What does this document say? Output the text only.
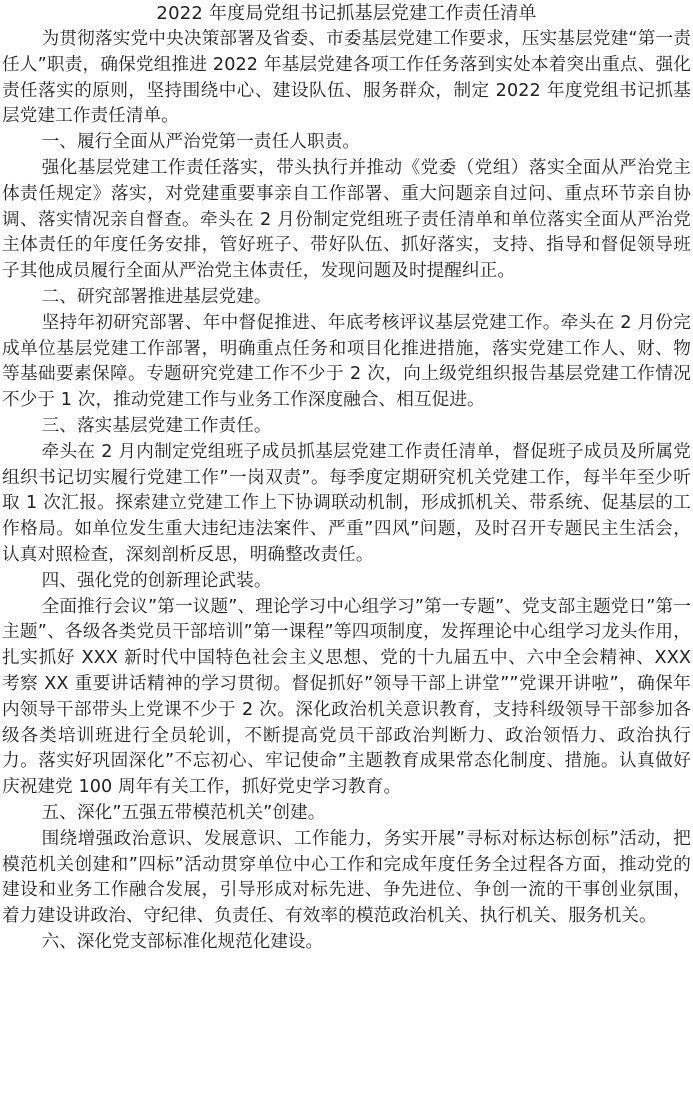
2022 年度局党组书记抓基层党建工作责任清单

为贯彻落实党中央决策部署及省委、市委基层党建工作要求，压实基层党建“第一责任人”职责，确保党组推进 2022 年基层党建各项工作任务落到实处本着突出重点、强化责任落实的原则，坚持围绕中心、建设队伍、服务群众，制定 2022 年度党组书记抓基层党建工作责任清单。

一、履行全面从严治党第一责任人职责。

强化基层党建工作责任落实，带头执行并推动《党委（党组）落实全面从严治党主体责任规定》落实，对党建重要事亲自工作部署、重大问题亲自过问、重点环节亲自协调、落实情况亲自督查。牵头在 2 月份制定党组班子责任清单和单位落实全面从严治党主体责任的年度任务安排，管好班子、带好队伍、抓好落实，支持、指导和督促领导班子其他成员履行全面从严治党主体责任，发现问题及时提醒纠正。

二、研究部署推进基层党建。

坚持年初研究部署、年中督促推进、年底考核评议基层党建工作。牵头在 2 月份完成单位基层党建工作部署，明确重点任务和项目化推进措施，落实党建工作人、财、物等基础要素保障。专题研究党建工作不少于 2 次，向上级党组织报告基层党建工作情况不少于 1 次，推动党建工作与业务工作深度融合、相互促进。

三、落实基层党建工作责任。

牵头在 2 月内制定党组班子成员抓基层党建工作责任清单，督促班子成员及所属党组织书记切实履行党建工作”一岗双责”。每季度定期研究机关党建工作，每半年至少听取 1 次汇报。探索建立党建工作上下协调联动机制，形成抓机关、带系统、促基层的工作格局。如单位发生重大违纪违法案件、严重”四风”问题，及时召开专题民主生活会，认真对照检查，深刻剖析反思，明确整改责任。

四、强化党的创新理论武装。

全面推行会议”第一议题”、理论学习中心组学习”第一专题”、党支部主题党日”第一主题”、各级各类党员干部培训”第一课程”等四项制度，发挥理论中心组学习龙头作用，扎实抓好 XXX 新时代中国特色社会主义思想、党的十九届五中、六中全会精神、XXX 考察 XX 重要讲话精神的学习贯彻。督促抓好”领导干部上讲堂””党课开讲啦”，确保年内领导干部带头上党课不少于 2 次。深化政治机关意识教育，支持科级领导干部参加各级各类培训班进行全员轮训，不断提高党员干部政治判断力、政治领悟力、政治执行力。落实好巩固深化”不忘初心、牢记使命”主题教育成果常态化制度、措施。认真做好庆祝建党 100 周年有关工作，抓好党史学习教育。

五、深化”五强五带模范机关”创建。

围绕增强政治意识、发展意识、工作能力，务实开展”寻标对标达标创标”活动，把模范机关创建和”四标”活动贯穿单位中心工作和完成年度任务全过程各方面，推动党的建设和业务工作融合发展，引导形成对标先进、争先进位、争创一流的干事创业氛围，着力建设讲政治、守纪律、负责任、有效率的模范政治机关、执行机关、服务机关。

六、深化党支部标准化规范化建设。
